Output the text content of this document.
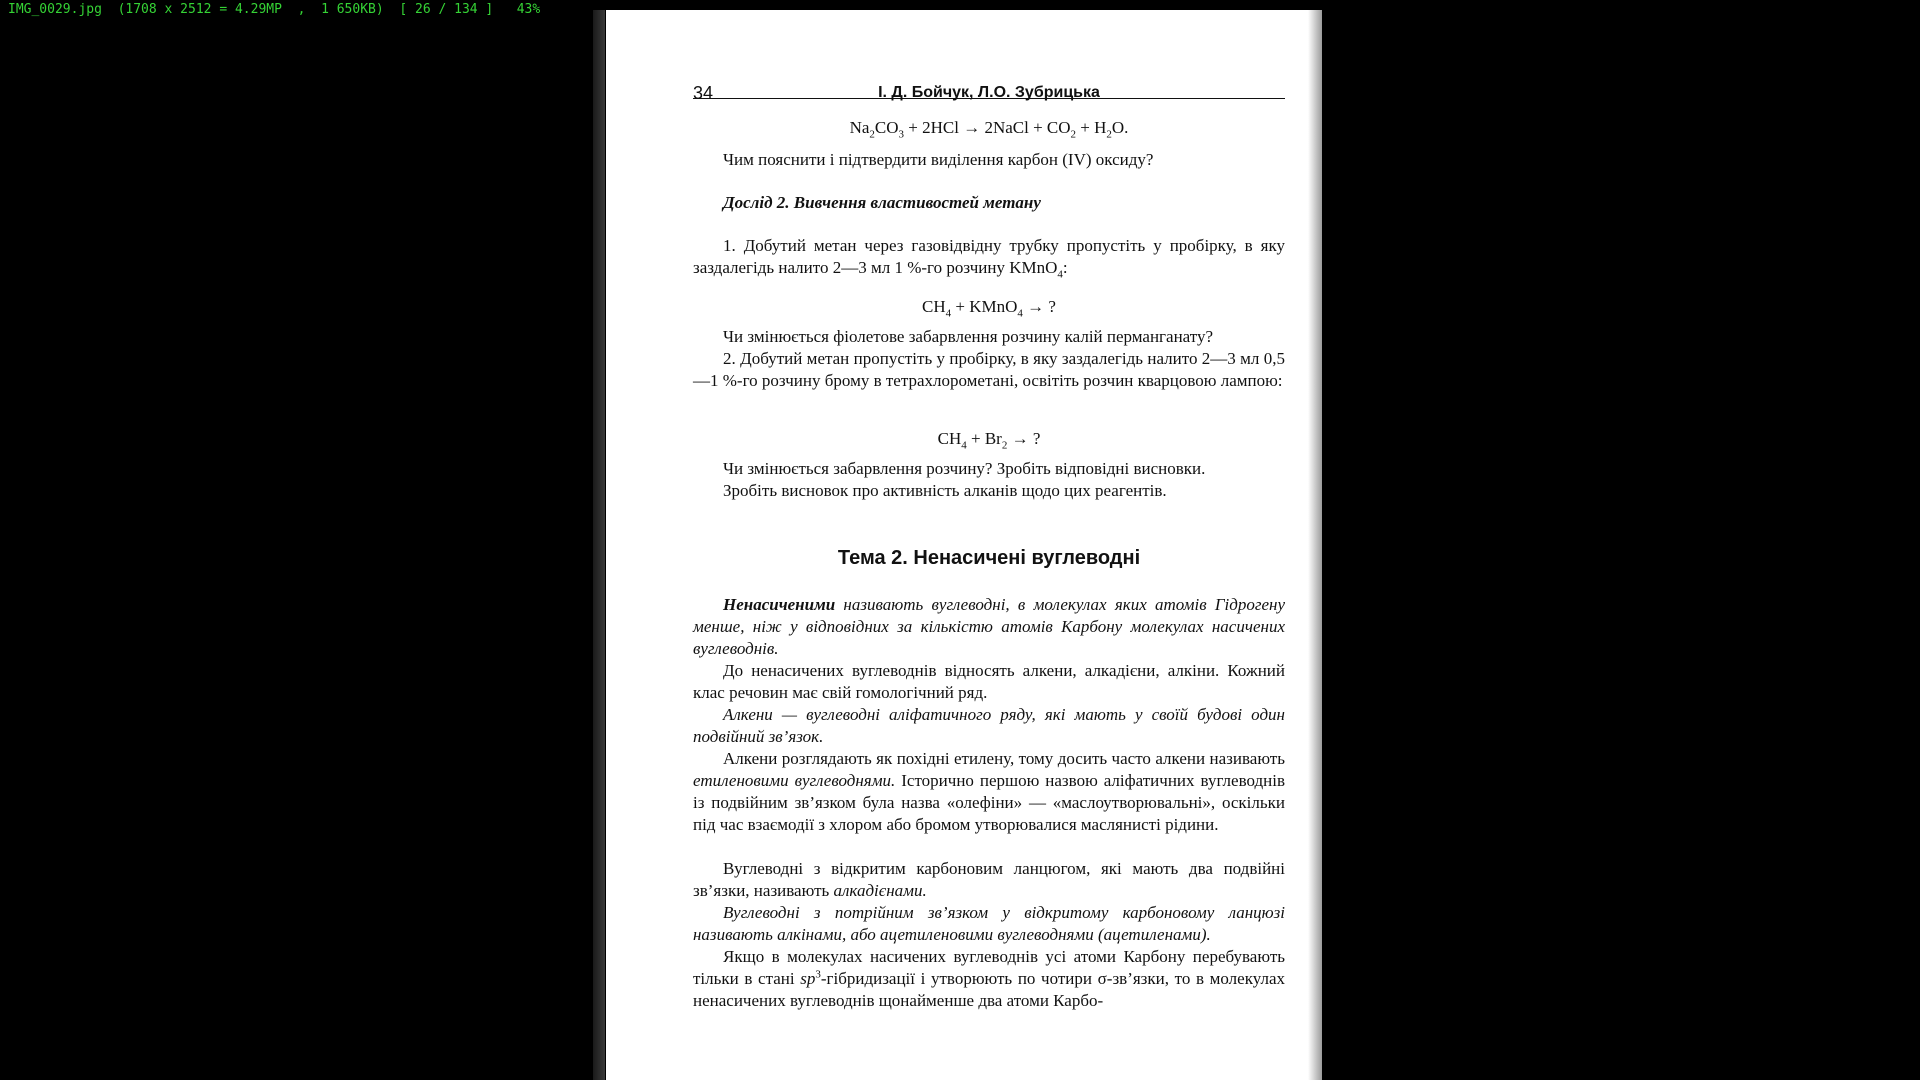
IMG_0029.jpg  (1708 x 2512 = 4.29MP  ,  1 650KB)  [ 26 / 134 ]   43%
34	І. Д. Бойчук, Л.О. Зубрицька

$Na_2CO_3 + 2HCl$ → 2NaCl + $CO_2 + H_2O$.

Чим пояснити і підтвердити виділення карбон (IV) оксиду?

Дослід 2. Вивчення властивостей метану

1. Добутий метан через газовідвідну трубку пропустіть у пробірку, в яку заздалегідь налито 2—3 мл 1 %-го розчину KMnO$_4$:

$CH_4$ + KMnO$_4$ → ?

Чи змінюється фіолетове забарвлення розчину калій перманганату?

2. Добутий метан пропустіть у пробірку, в яку заздалегідь налито 2—3 мл 0,5—1 %-го розчину брому в тетрахлорометані, освітіть розчин кварцовою лампою:

$CH_4 + Br_2$ → ?

Чи змінюється забарвлення розчину? Зробіть відповідні висновки.

Зробіть висновок про активність алканів щодо цих реагентів.

Тема 2. Ненасичені вуглеводні

Ненасиченими називають вуглеводні, в молекулах яких атомів Гідрогену менше, ніж у відповідних за кількістю атомів Карбону молекулах насичених вуглеводнів.

До ненасичених вуглеводнів відносять алкени, алкадієни, алкіни. Кожний клас речовин має свій гомологічний ряд.

Алкени — вуглеводні аліфатичного ряду, які мають у своїй будові один подвійний зв’язок.

Алкени розглядають як похідні етилену, тому досить часто алкени називають етиленовими вуглеводнями. Історично першою назвою аліфатичних вуглеводнів із подвійним зв’язком була назва «олефіни» — «маслоутворювальні», оскільки під час взаємодії з хлором або бромом утворювалися маслянисті рідини.

Вуглеводні з відкритим карбоновим ланцюгом, які мають два подвійні зв’язки, називають алкадієнами.

Вуглеводні з потрійним зв’язком у відкритому карбоновому ланцюзі називають алкінами, або ацетиленовими вуглеводнями (ацетиленами).

Якщо в молекулах насичених вуглеводнів усі атоми Карбону перебувають тільки в стані $sp^3$-гібридизації і утворюють по чотири σ-зв’язки, то в молекулах ненасичених вуглеводнів щонайменше два атоми Карбо-
